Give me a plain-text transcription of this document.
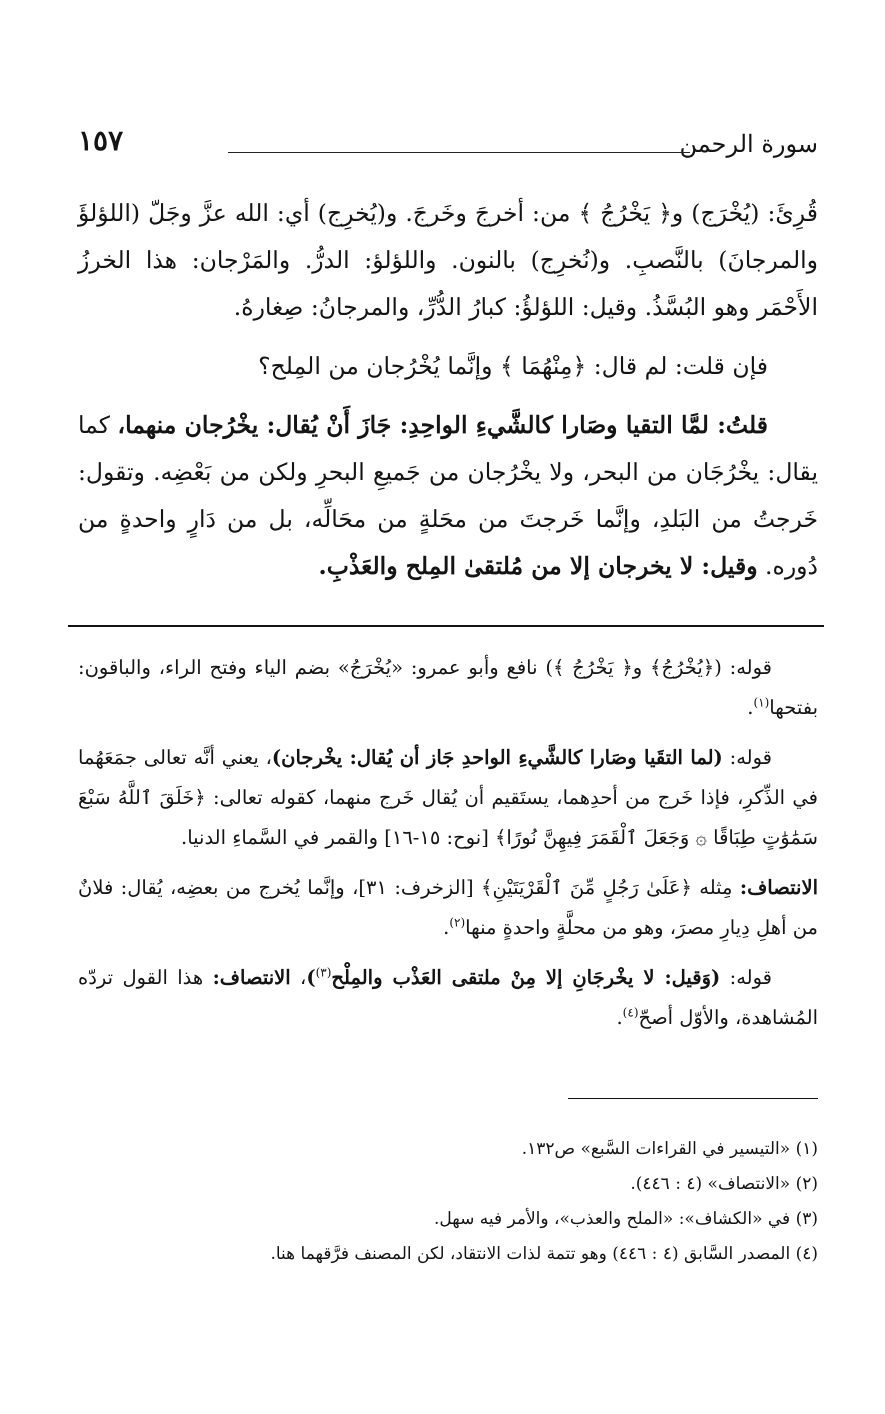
سورة الرحمن
١٥٧

قُرِئَ: (يُخْرَج) و﴿ يَخْرُجُ ﴾ من: أخرجَ وخَرجَ. و(يُخرِج) أي: الله عزَّ وجَلّ (اللؤلؤَ والمرجانَ) بالنَّصبِ. و(نُخرِج) بالنون. واللؤلؤ: الدرُّ. والمَرْجان: هذا الخرزُ الأَحْمَر وهو البُسَّذُ. وقيل: اللؤلؤُ: كبارُ الدُّرِّ، والمرجانُ: صِغارهُ.

فإن قلت: لم قال: ﴿مِنْهُمَا ﴾ وإنَّما يُخْرُجان من المِلح؟

قلتُ: لمَّا التقيا وصَارا كالشَّيءِ الواحِدِ: جَازَ أَنْ يُقال: يخْرُجان منهما، كما يقال: يخْرُجَان من البحر، ولا يخْرُجان من جَميعِ البحرِ ولكن من بَعْضِه. وتقول: خَرجتُ من البَلدِ، وإنَّما خَرجتَ من محَلةٍ من محَالِّه، بل من دَارٍ واحدةٍ من دُوره. وقيل: لا يخرجان إلا من مُلتقىٰ المِلح والعَذْبِ.

قوله: (﴿يُخْرُجُ﴾ و﴿ يَخْرُجُ ﴾) نافع وأبو عمرو: «يُخْرَجُ» بضم الياء وفتح الراء، والباقون: بفتحها$^{(١)}$.

قوله: (لما التقَيا وصَارا كالشَّيءِ الواحدِ جَاز أن يُقال: يخْرجان)، يعني أنَّه تعالى جمَعَهُما في الذِّكرِ، فإذا خَرج من أحدِهما، يستَقيم أن يُقال خَرج منهما، كقوله تعالى: ﴿خَلَقَ ٱللَّهُ سَبْعَ سَمَٰوَٰتٍ طِبَاقًا ۞ وَجَعَلَ ٱلْقَمَرَ فِيهِنَّ نُورًا﴾ [نوح: ١٥-١٦] والقمر في السَّماءِ الدنيا.

الانتصاف: مِثله ﴿عَلَىٰ رَجُلٍ مِّنَ ٱلْقَرْيَتَيْنِ﴾ [الزخرف: ٣١]، وإنَّما يُخرج من بعضِه، يُقال: فلانٌ من أهلِ دِيارِ مصرَ، وهو من محلَّةٍ واحدةٍ منها$^{(٢)}$.

قوله: (وَقيل: لا يخْرجَانِ إلا مِنْ ملتقى العَذْب والمِلْح$^{(٣)}$)، الانتصاف: هذا القول تردّه المُشاهدة، والأوّل أصحّ$^{(٤)}$.

(١) «التيسير في القراءات السَّبع» ص١٣٢.
(٢) «الانتصاف» (٤ : ٤٤٦).
(٣) في «الكشاف»: «الملح والعذب»، والأمر فيه سهل.
(٤) المصدر السَّابق (٤ : ٤٤٦) وهو تتمة لذات الانتقاد، لكن المصنف فرَّقهما هنا.
